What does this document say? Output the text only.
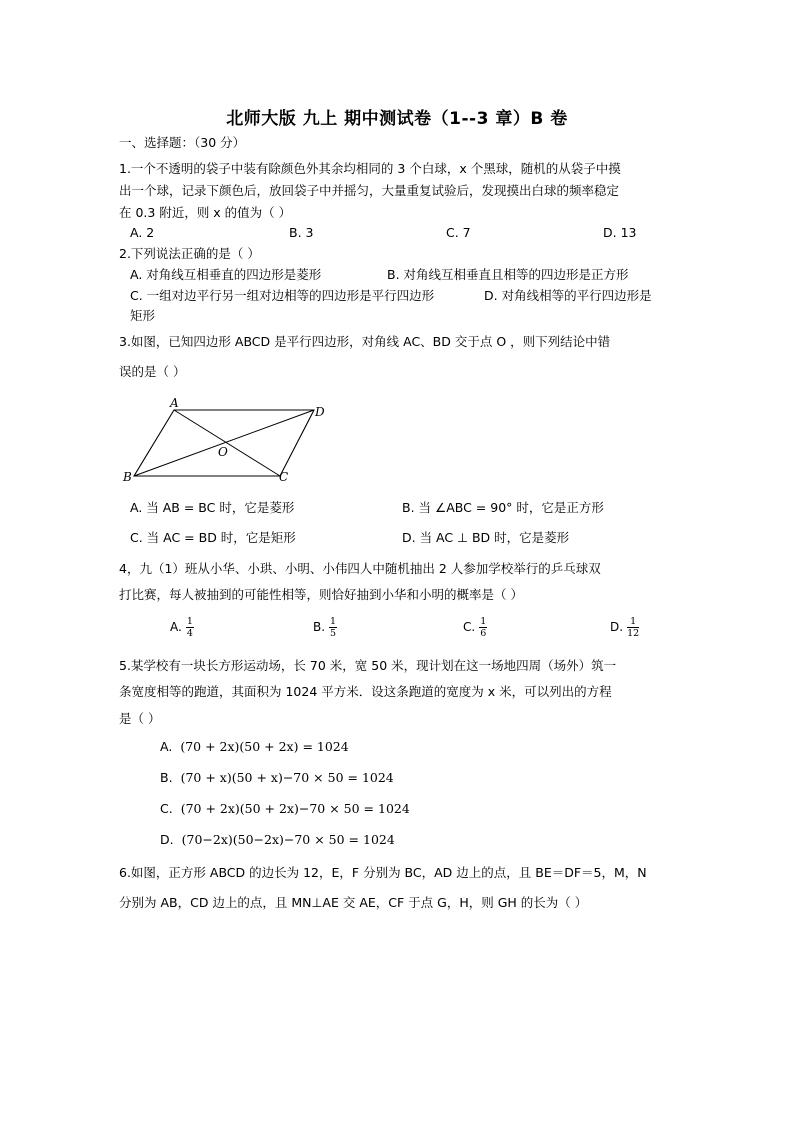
北师大版 九上 期中测试卷（1--3 章）B 卷
一、选择题：（30 分）
1.一个不透明的袋子中装有除颜色外其余均相同的 3 个白球，x 个黑球，随机的从袋子中摸
出一个球，记录下颜色后，放回袋子中并摇匀，大量重复试验后，发现摸出白球的频率稳定
在 0.3 附近，则 x 的值为（ ）
A. 2	B. 3	C. 7	D. 13
2.下列说法正确的是（ ）
A. 对角线互相垂直的四边形是菱形	B. 对角线互相垂直且相等的四边形是正方形
C. 一组对边平行另一组对边相等的四边形是平行四边形	D. 对角线相等的平行四边形是
矩形
3.如图，已知四边形 ABCD 是平行四边形，对角线 AC、BD 交于点 O ，则下列结论中错
误的是（ ）
A
D
B	C
O
A. 当 AB = BC 时，它是菱形	B. 当 ∠ABC = 90° 时，它是正方形
C. 当 AC = BD 时，它是矩形	D. 当 AC ⊥ BD 时，它是菱形
4，九（1）班从小华、小珙、小明、小伟四人中随机抽出 2 人参加学校举行的乒乓球双
打比赛，每人被抽到的可能性相等，则恰好抽到小华和小明的概率是（ ）
A. $\frac{1}{4}$	B. $\frac{1}{5}$	C. $\frac{1}{6}$	D. $\frac{1}{12}$
5.某学校有一块长方形运动场，长 70 米，宽 50 米，现计划在这一场地四周（场外）筑一
条宽度相等的跑道，其面积为 1024 平方米．设这条跑道的宽度为 x 米，可以列出的方程
是（ ）
A. (70 + 2x)(50 + 2x) = 1024
B. (70 + x)(50 + x)−70 × 50 = 1024
C. (70 + 2x)(50 + 2x)−70 × 50 = 1024
D. (70−2x)(50−2x)−70 × 50 = 1024
6.如图，正方形 ABCD 的边长为 12，E，F 分别为 BC，AD 边上的点，且 BE＝DF＝5，M，N
分别为 AB，CD 边上的点，且 MN⊥AE 交 AE，CF 于点 G，H，则 GH 的长为（ ）
